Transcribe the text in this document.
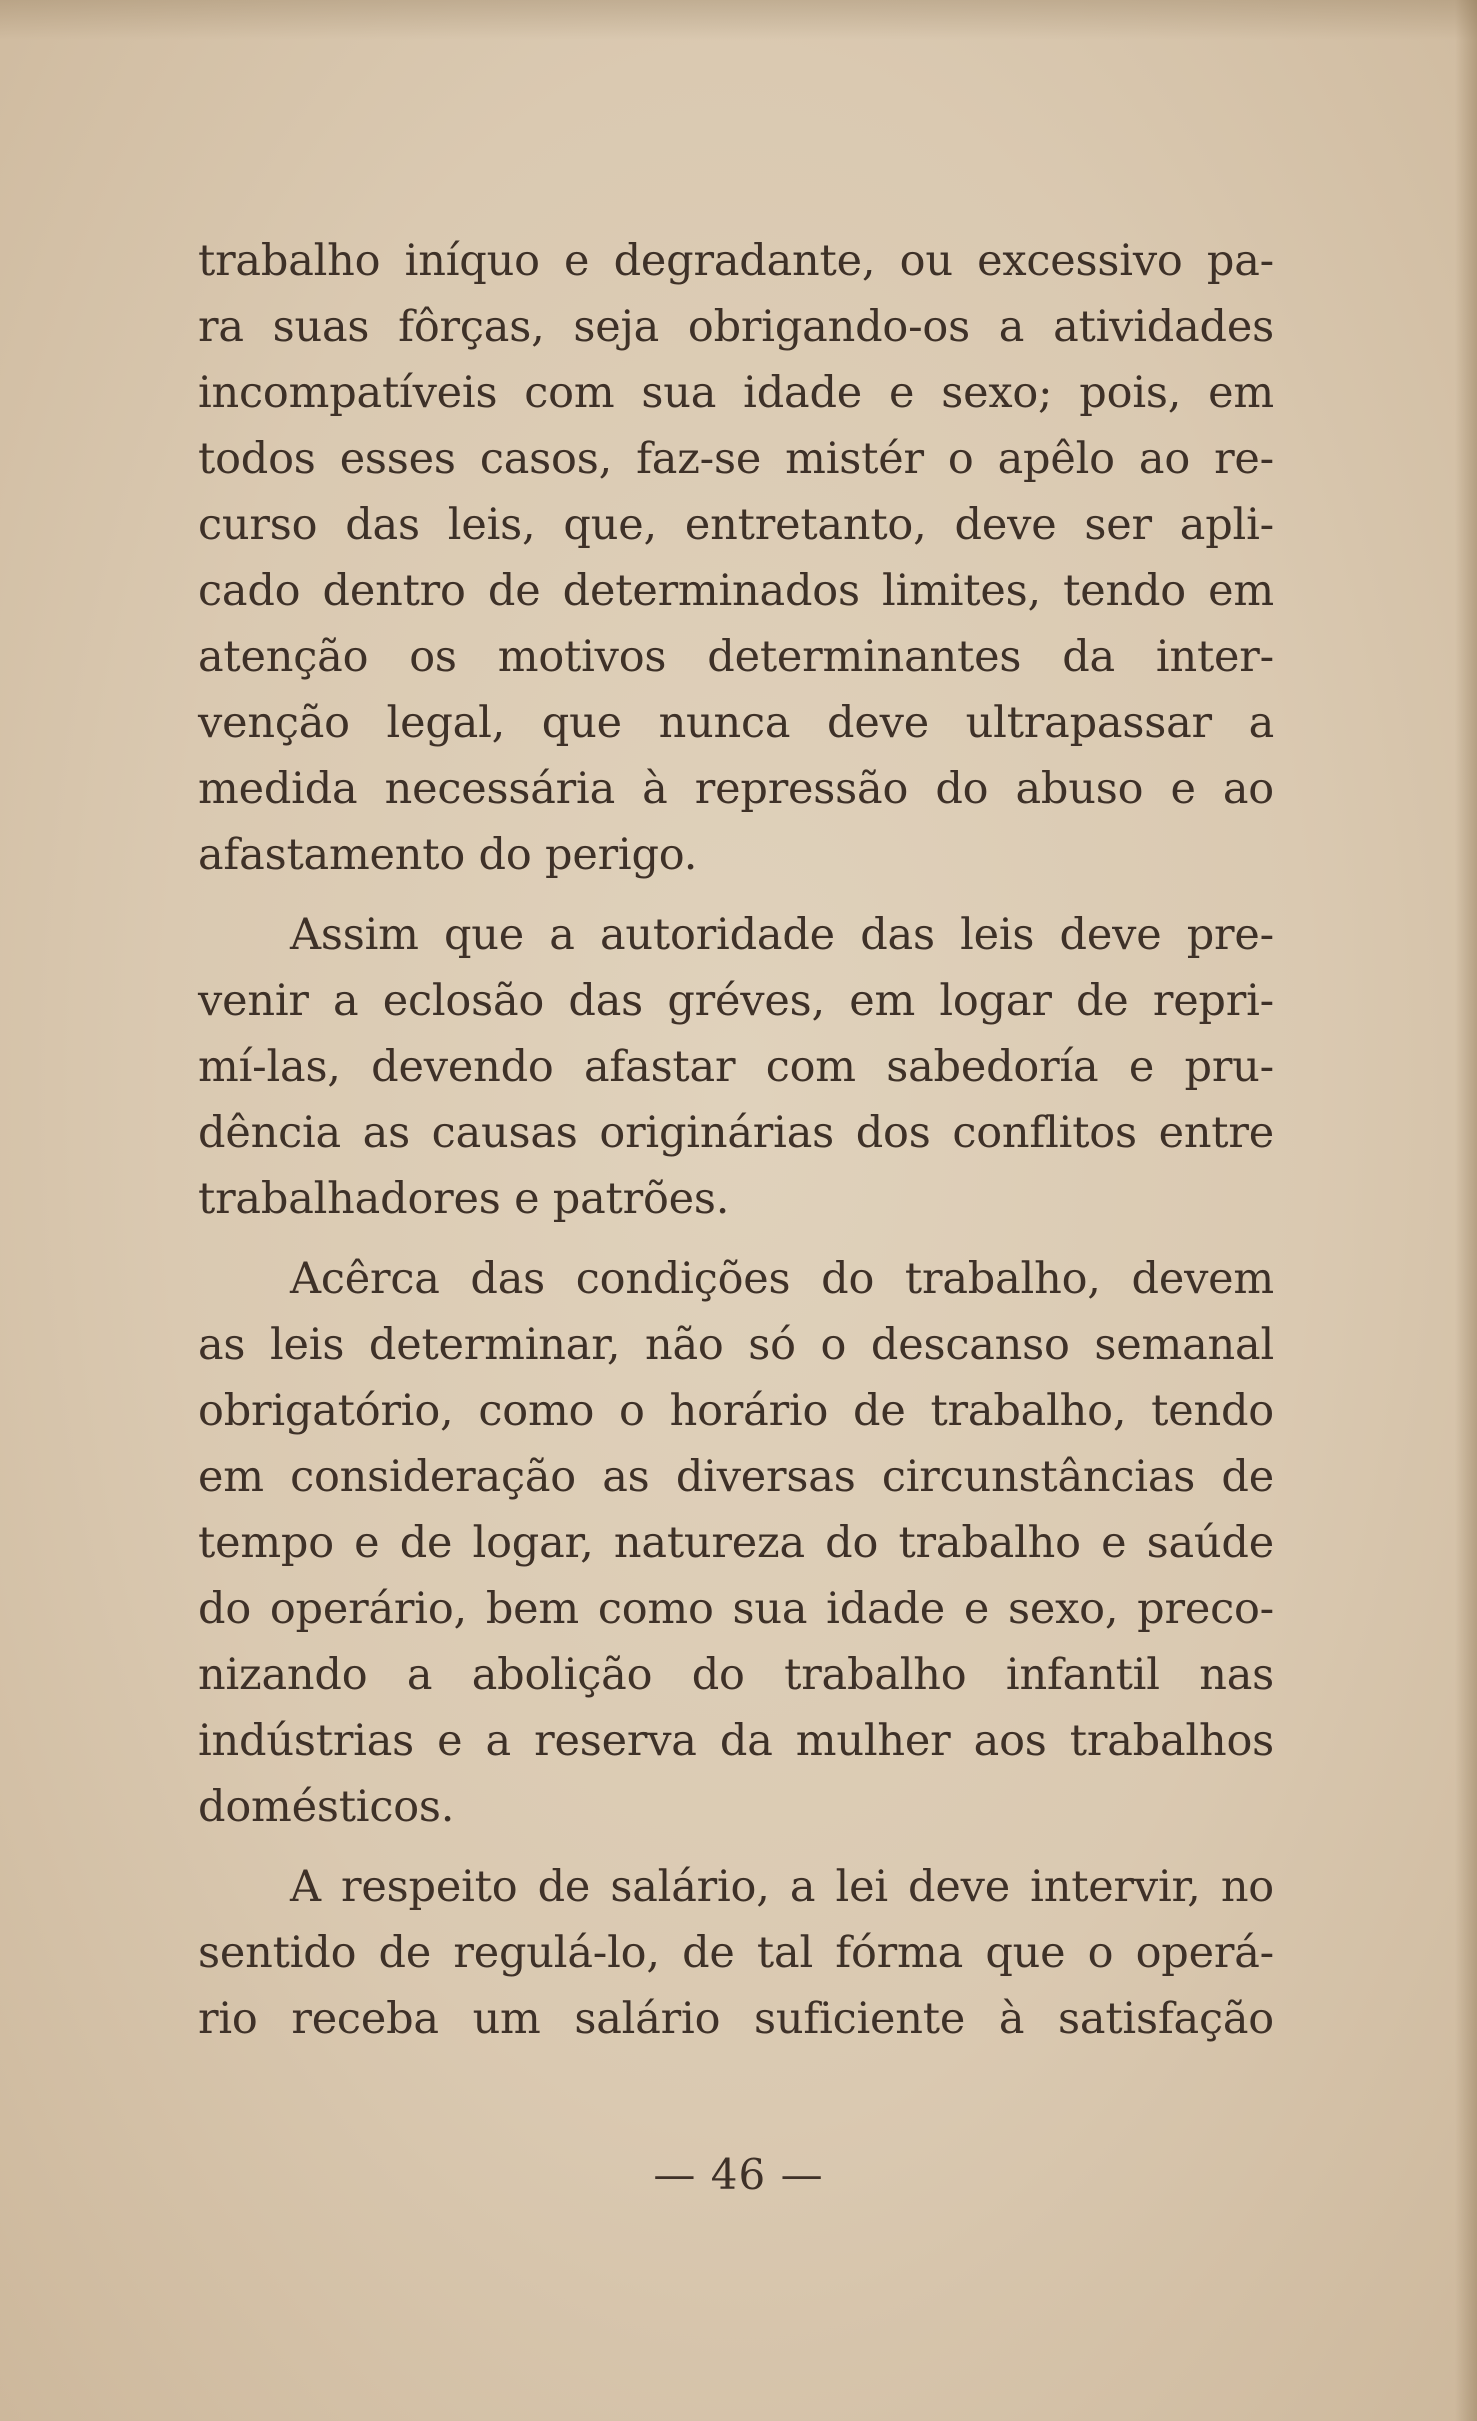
trabalho iníquo e degradante, ou excessivo pa-
ra suas fôrças, seja obrigando-os a atividades
incompatíveis com sua idade e sexo; pois, em
todos esses casos, faz-se mistér o apêlo ao re-
curso das leis, que, entretanto, deve ser apli-
cado dentro de determinados limites, tendo em
atenção os motivos determinantes da inter-
venção legal, que nunca deve ultrapassar a
medida necessária à repressão do abuso e ao
afastamento do perigo.
Assim que a autoridade das leis deve pre-
venir a eclosão das gréves, em logar de repri-
mí-las, devendo afastar com sabedoría e pru-
dência as causas originárias dos conflitos entre
trabalhadores e patrões.
Acêrca das condições do trabalho, devem
as leis determinar, não só o descanso semanal
obrigatório, como o horário de trabalho, tendo
em consideração as diversas circunstâncias de
tempo e de logar, natureza do trabalho e saúde
do operário, bem como sua idade e sexo, preco-
nizando a abolição do trabalho infantil nas
indústrias e a reserva da mulher aos trabalhos
domésticos.
A respeito de salário, a lei deve intervir, no
sentido de regulá-lo, de tal fórma que o operá-
rio receba um salário suficiente à satisfação
— 46 —
